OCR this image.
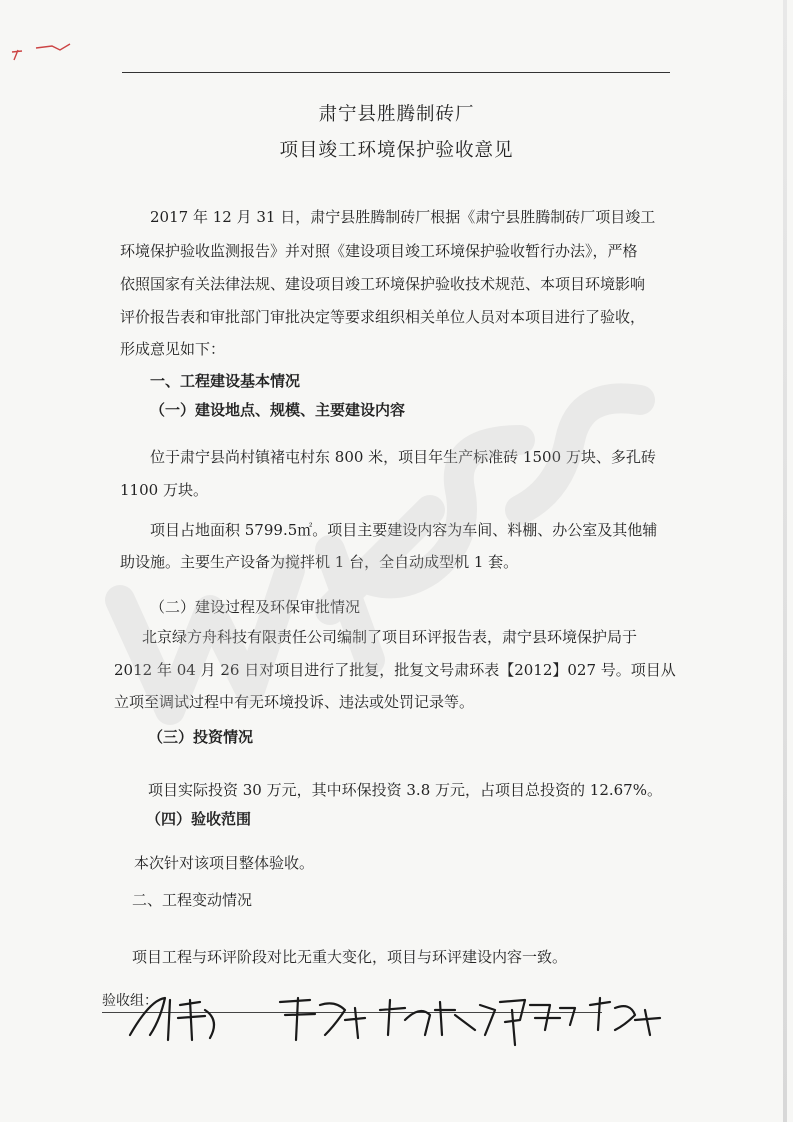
肃宁县胜腾制砖厂
项目竣工环境保护验收意见
2017 年 12 月 31 日，肃宁县胜腾制砖厂根据《肃宁县胜腾制砖厂项目竣工
环境保护验收监测报告》并对照《建设项目竣工环境保护验收暂行办法》，严格
依照国家有关法律法规、建设项目竣工环境保护验收技术规范、本项目环境影响
评价报告表和审批部门审批决定等要求组织相关单位人员对本项目进行了验收，
形成意见如下：
一、工程建设基本情况
（一）建设地点、规模、主要建设内容
位于肃宁县尚村镇褚屯村东 800 米，项目年生产标准砖 1500 万块、多孔砖
1100 万块。
项目占地面积 5799.5㎡。项目主要建设内容为车间、料棚、办公室及其他辅
助设施。主要生产设备为搅拌机 1 台，全自动成型机 1 套。
（二）建设过程及环保审批情况
北京绿方舟科技有限责任公司编制了项目环评报告表，肃宁县环境保护局于
2012 年 04 月 26 日对项目进行了批复，批复文号肃环表【2012】027 号。项目从
立项至调试过程中有无环境投诉、违法或处罚记录等。
（三）投资情况
项目实际投资 30 万元，其中环保投资 3.8 万元，占项目总投资的 12.67%。
（四）验收范围
本次针对该项目整体验收。
二、工程变动情况
项目工程与环评阶段对比无重大变化，项目与环评建设内容一致。
验收组：
